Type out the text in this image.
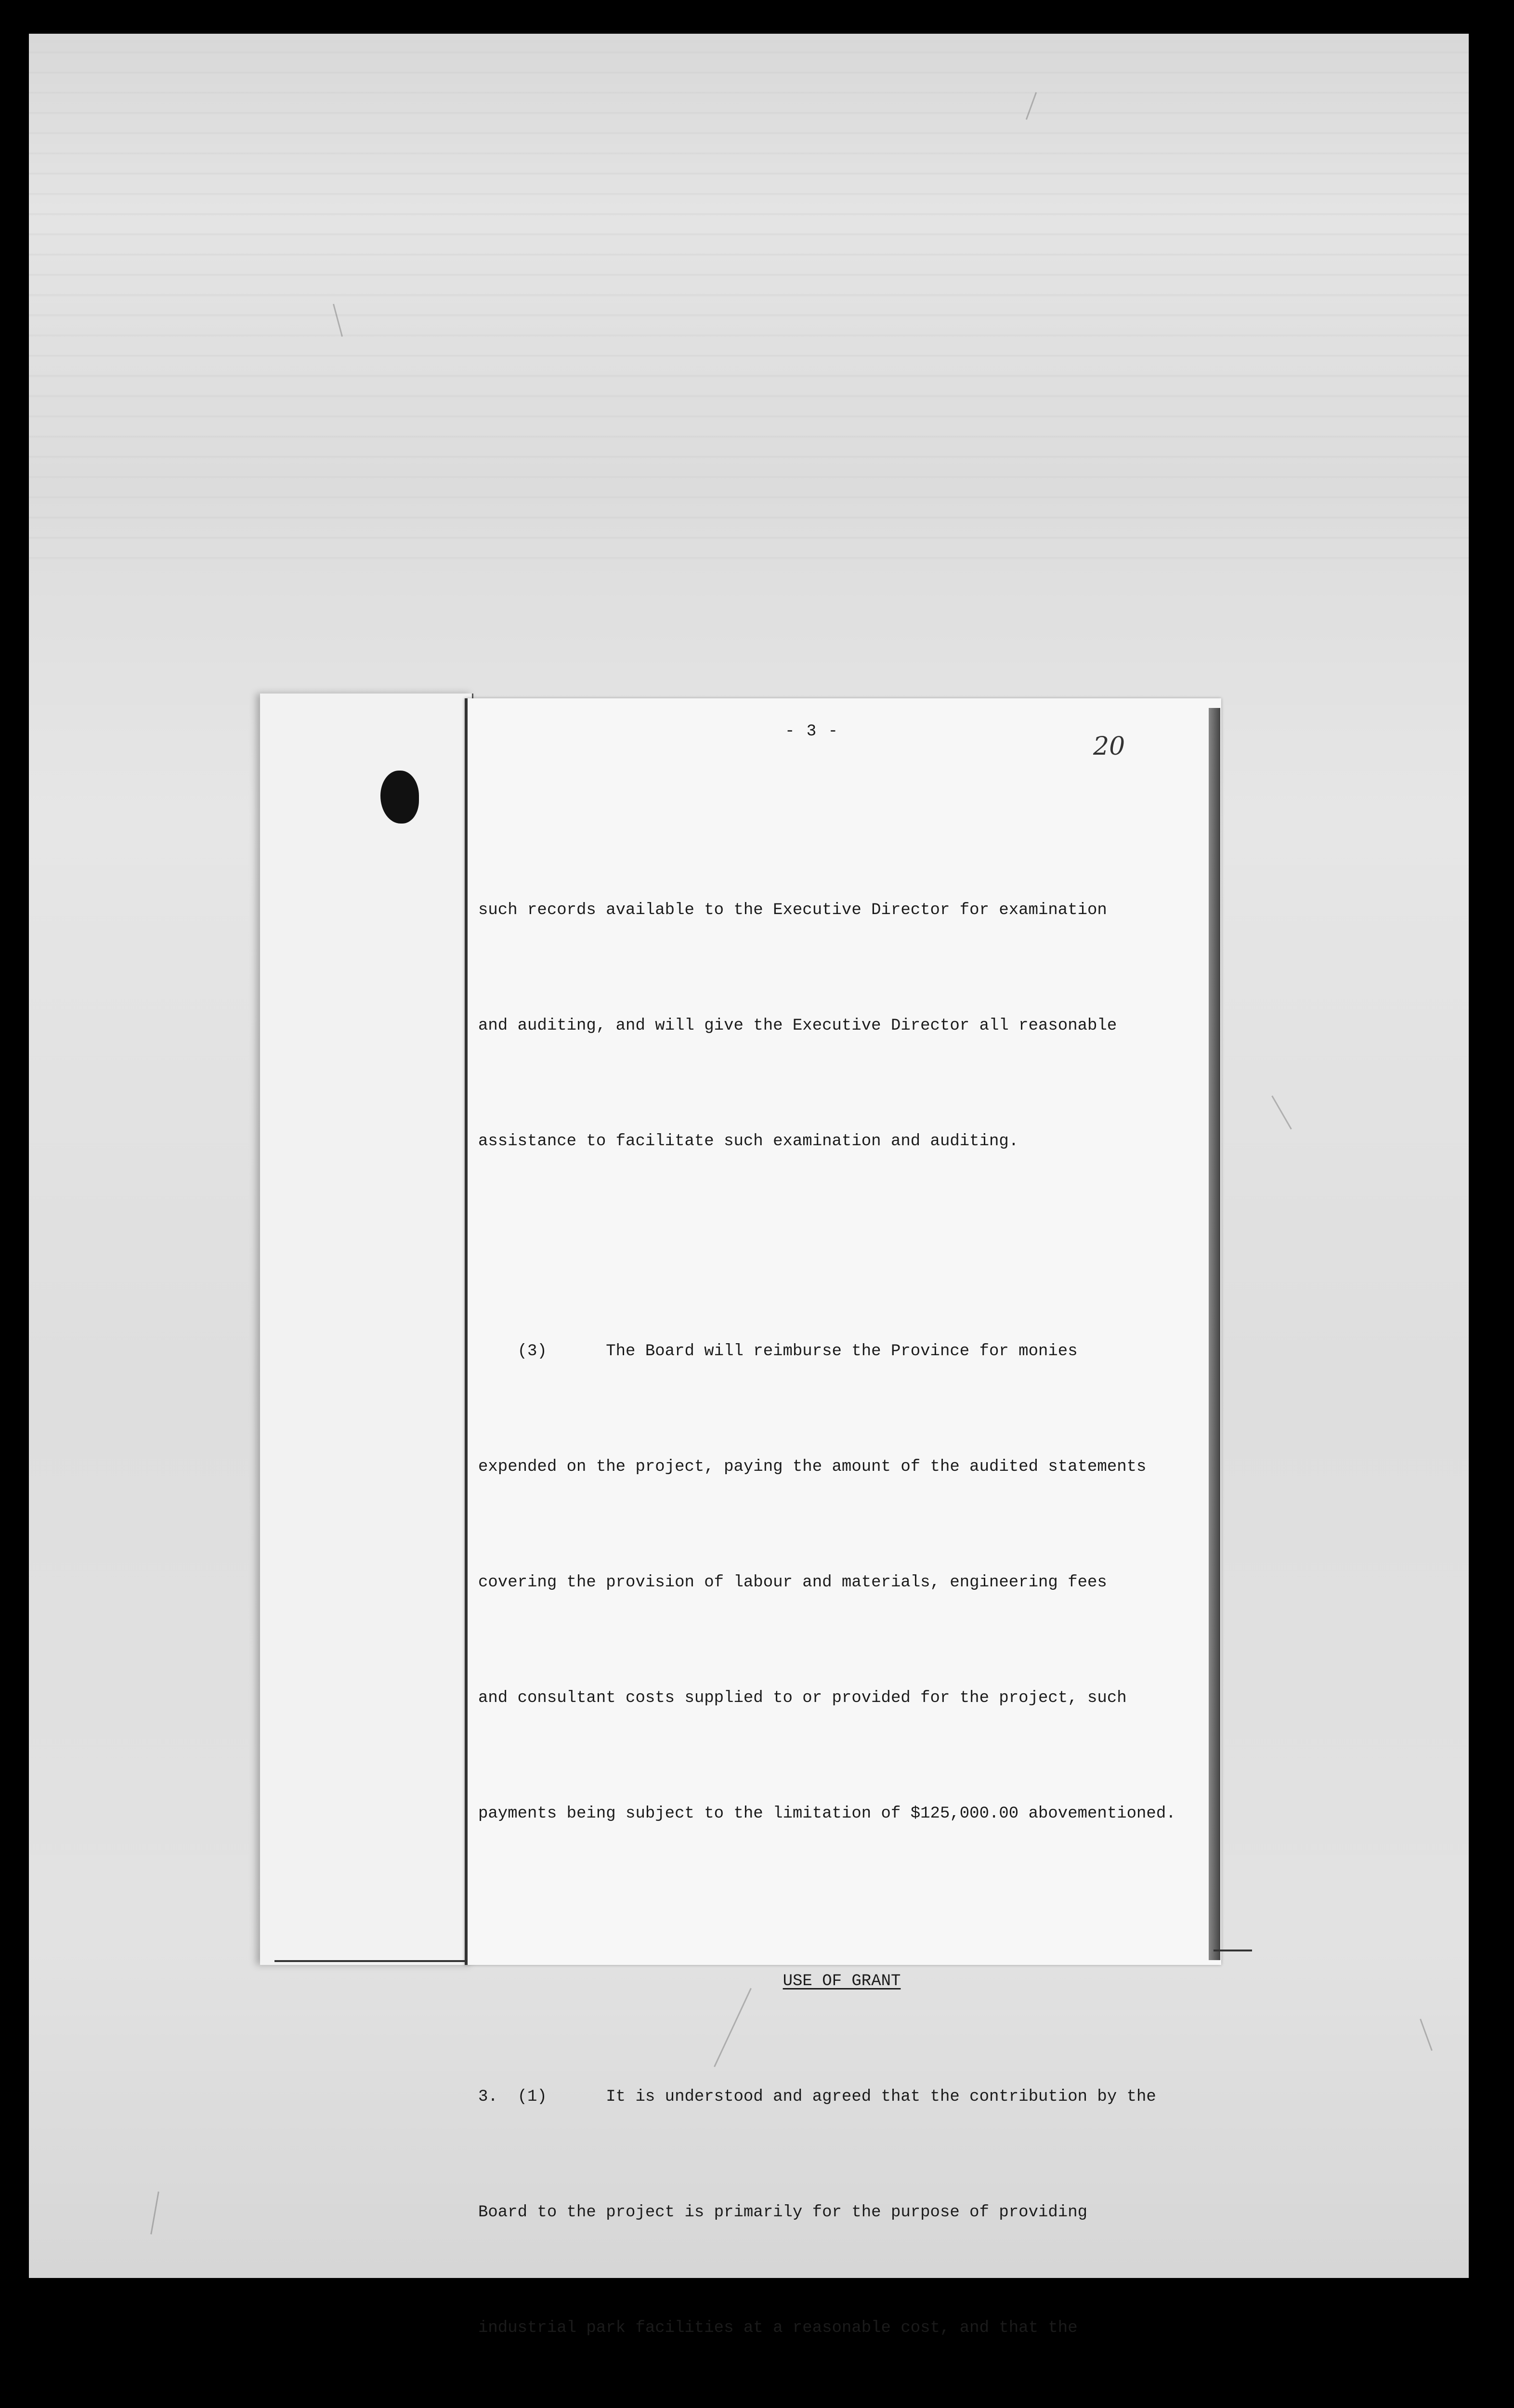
- 3 -
20

such records available to the Executive Director for examination

and auditing, and will give the Executive Director all reasonable

assistance to facilitate such examination and auditing.

(3)      The Board will reimburse the Province for monies

expended on the project, paying the amount of the audited statements

covering the provision of labour and materials, engineering fees

and consultant costs supplied to or provided for the project, such

payments being subject to the limitation of $125,000.00 abovementioned.

USE OF GRANT

3.  (1)      It is understood and agreed that the contribution by the

Board to the project is primarily for the purpose of providing

industrial park facilities at a reasonable cost, and that the
